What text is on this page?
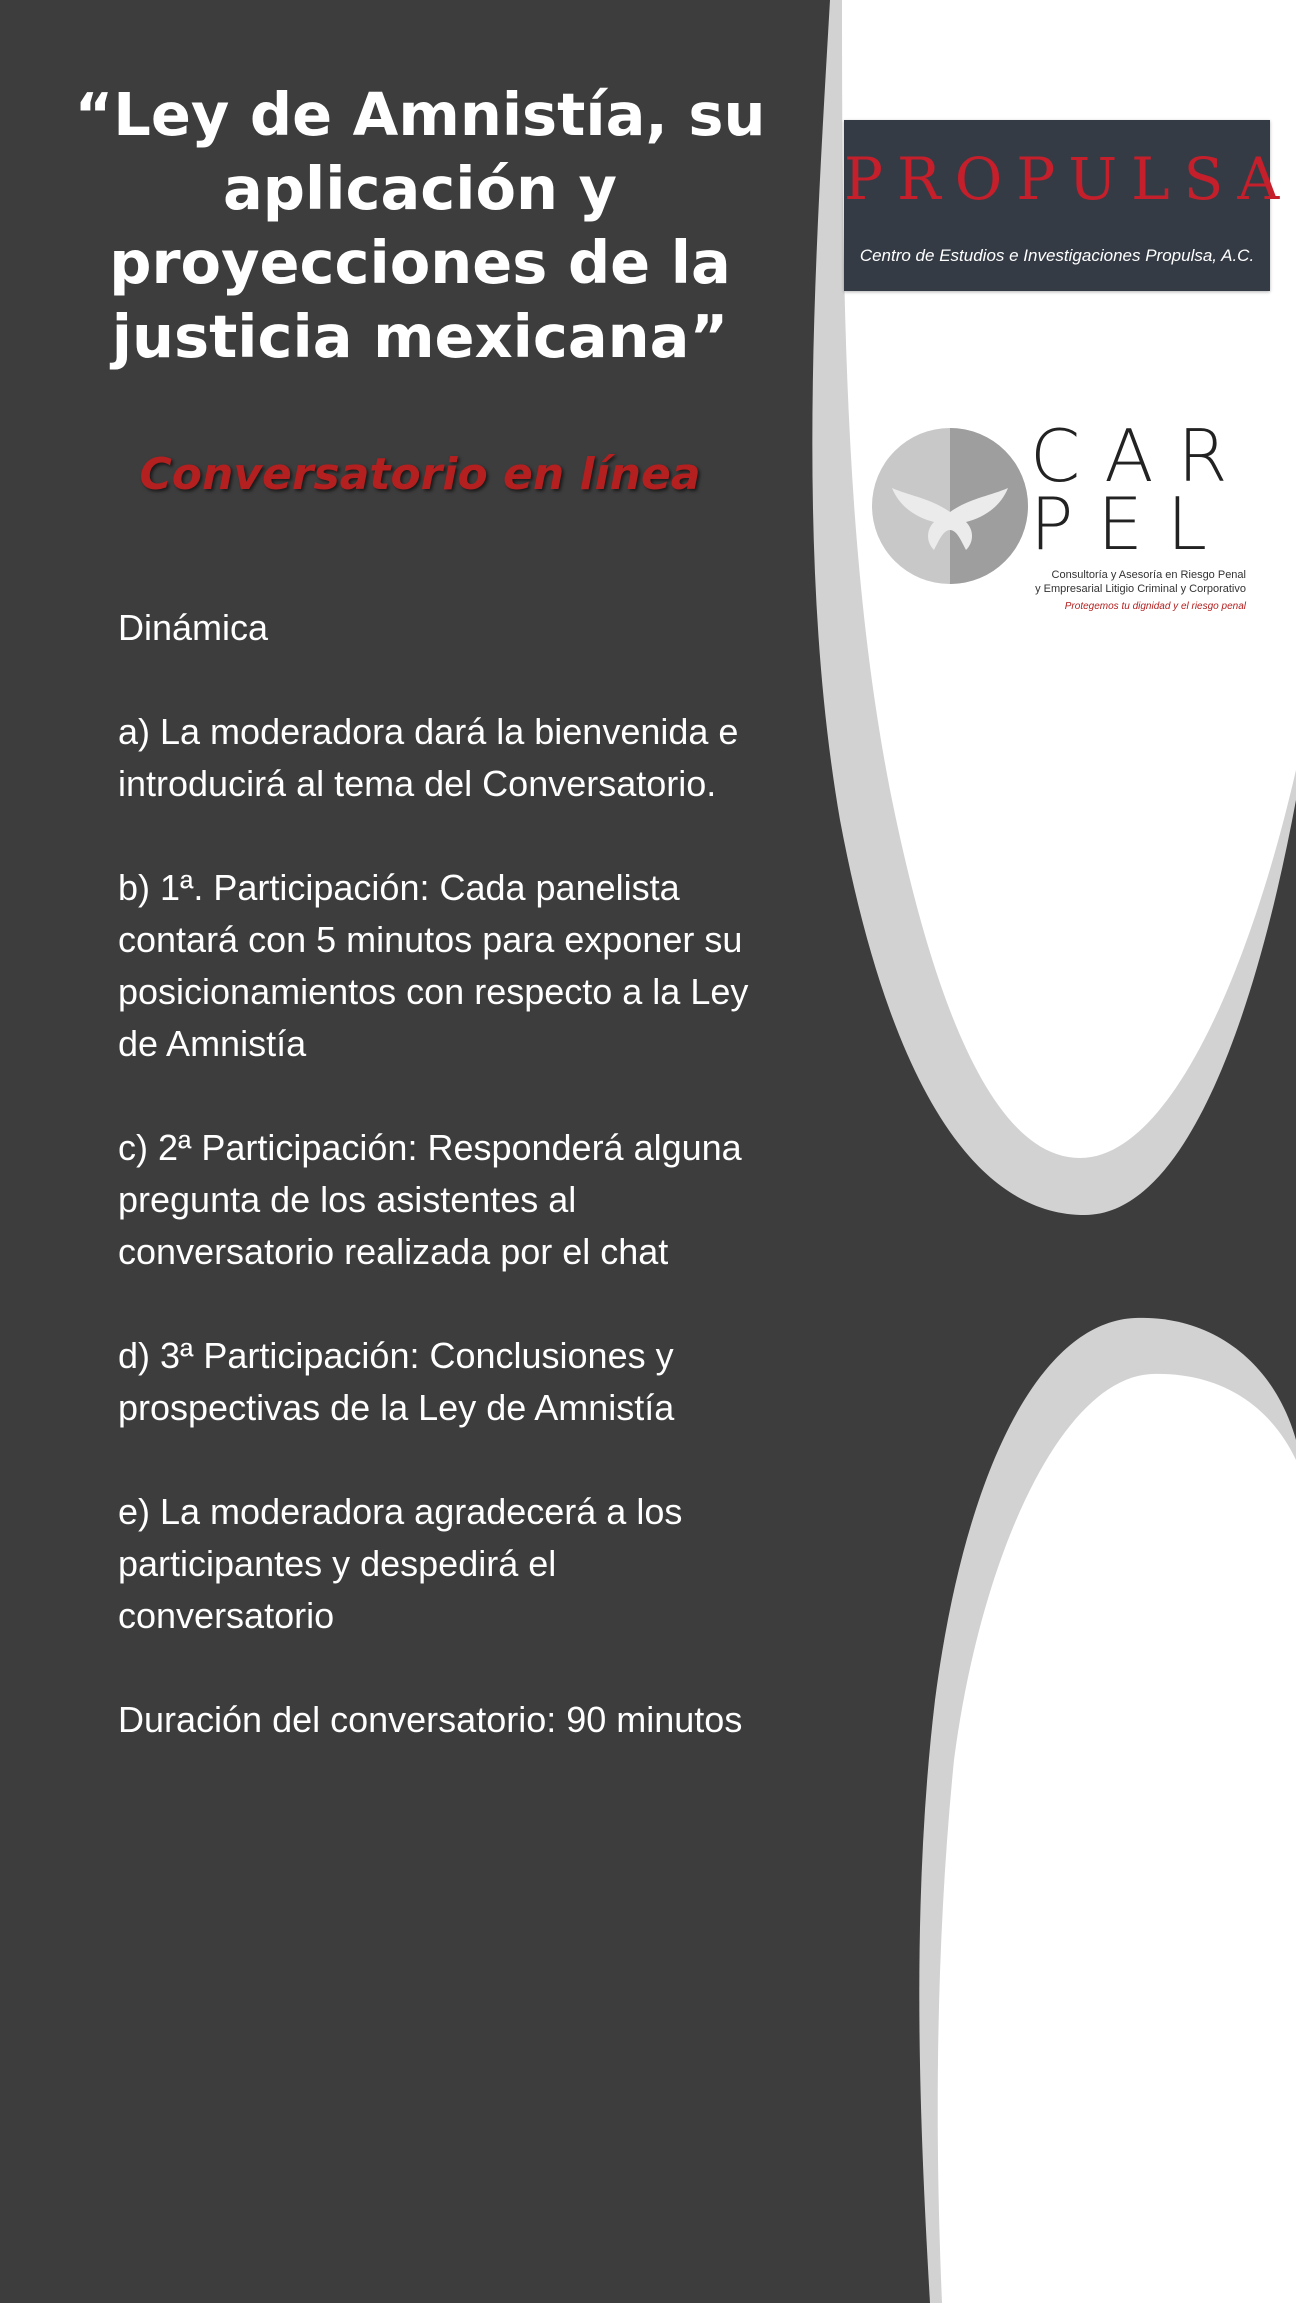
“Ley de Amnistía, su aplicación y proyecciones de la justicia mexicana”
Conversatorio en línea

Dinámica

a) La moderadora dará la bienvenida e introducirá al tema del Conversatorio.

b) 1ª. Participación: Cada panelista contará con 5 minutos para exponer su posicionamientos con respecto a la Ley de Amnistía

c) 2ª Participación: Responderá alguna pregunta de los asistentes al conversatorio realizada por el chat

d) 3ª Participación: Conclusiones y prospectivas de la Ley de Amnistía

e) La moderadora agradecerá a los participantes y despedirá el conversatorio

Duración del conversatorio: 90 minutos

PROPULSA
Centro de Estudios e Investigaciones Propulsa, A.C.
CAR
PEL
Consultoría y Asesoría en Riesgo Penal
y Empresarial Litigio Criminal y Corporativo
Protegemos tu dignidad y el riesgo penal
